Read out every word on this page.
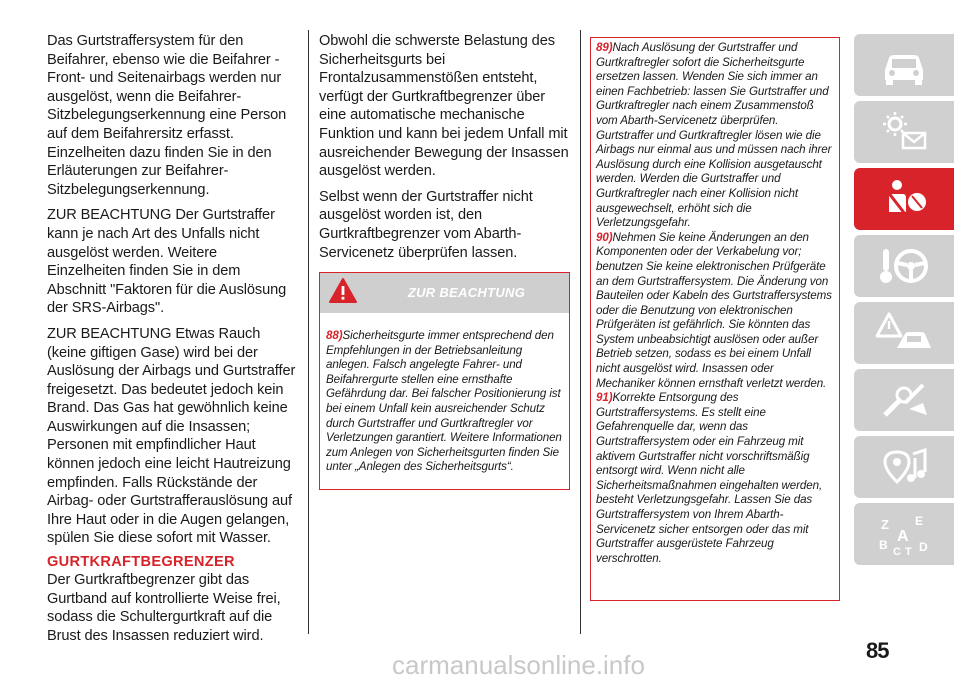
Das Gurtstraffersystem für den Beifahrer, ebenso wie die Beifahrer - Front- und Seitenairbags werden nur ausgelöst, wenn die Beifahrer-Sitzbelegungserkennung eine Person auf dem Beifahrersitz erfasst. Einzelheiten dazu finden Sie in den Erläuterungen zur Beifahrer-Sitzbelegungserkennung.

ZUR BEACHTUNG Der Gurtstraffer kann je nach Art des Unfalls nicht ausgelöst werden. Weitere Einzelheiten finden Sie in dem Abschnitt "Faktoren für die Auslösung der SRS-Airbags".

ZUR BEACHTUNG Etwas Rauch (keine giftigen Gase) wird bei der Auslösung der Airbags und Gurtstraffer freigesetzt. Das bedeutet jedoch kein Brand. Das Gas hat gewöhnlich keine Auswirkungen auf die Insassen; Personen mit empfindlicher Haut können jedoch eine leicht Hautreizung empfinden. Falls Rückstände der Airbag- oder Gurtstrafferauslösung auf Ihre Haut oder in die Augen gelangen, spülen Sie diese sofort mit Wasser.

GURTKRAFTBEGRENZER

Der Gurtkraftbegrenzer gibt das Gurtband auf kontrollierte Weise frei, sodass die Schultergurtkraft auf die Brust des Insassen reduziert wird.

Obwohl die schwerste Belastung des Sicherheitsgurts bei Frontalzusammenstößen entsteht, verfügt der Gurtkraftbegrenzer über eine automatische mechanische Funktion und kann bei jedem Unfall mit ausreichender Bewegung der Insassen ausgelöst werden.

Selbst wenn der Gurtstraffer nicht ausgelöst worden ist, den Gurtkraftbegrenzer vom Abarth-Servicenetz überprüfen lassen.

ZUR BEACHTUNG

88)Sicherheitsgurte immer entsprechend den Empfehlungen in der Betriebsanleitung anlegen. Falsch angelegte Fahrer- und Beifahrergurte stellen eine ernsthafte Gefährdung dar. Bei falscher Positionierung ist bei einem Unfall kein ausreichender Schutz durch Gurtstraffer und Gurtkraftregler vor Verletzungen garantiert. Weitere Informationen zum Anlegen von Sicherheitsgurten finden Sie unter „Anlegen des Sicherheitsgurts“.

89)Nach Auslösung der Gurtstraffer und Gurtkraftregler sofort die Sicherheitsgurte ersetzen lassen. Wenden Sie sich immer an einen Fachbetrieb: lassen Sie Gurtstraffer und Gurtkraftregler nach einem Zusammenstoß vom Abarth-Servicenetz überprüfen. Gurtstraffer und Gurtkraftregler lösen wie die Airbags nur einmal aus und müssen nach ihrer Auslösung durch eine Kollision ausgetauscht werden. Werden die Gurtstraffer und Gurtkraftregler nach einer Kollision nicht ausgewechselt, erhöht sich die Verletzungsgefahr.

90)Nehmen Sie keine Änderungen an den Komponenten oder der Verkabelung vor; benutzen Sie keine elektronischen Prüfgeräte an dem Gurtstraffersystem. Die Änderung von Bauteilen oder Kabeln des Gurtstraffersystems oder die Benutzung von elektronischen Prüfgeräten ist gefährlich. Sie könnten das System unbeabsichtigt auslösen oder außer Betrieb setzen, sodass es bei einem Unfall nicht ausgelöst wird. Insassen oder Mechaniker können ernsthaft verletzt werden.

91)Korrekte Entsorgung des Gurtstraffersystems. Es stellt eine Gefahrenquelle dar, wenn das Gurtstraffersystem oder ein Fahrzeug mit aktivem Gurtstraffer nicht vorschriftsmäßig entsorgt wird. Wenn nicht alle Sicherheitsmaßnahmen eingehalten werden, besteht Verletzungsgefahr. Lassen Sie das Gurtstraffersystem von Ihrem Abarth-Servicenetz sicher entsorgen oder das mit Gurtstraffer ausgerüstete Fahrzeug verschrotten.

Z E
A
B C T D
85
carmanualsonline.info
